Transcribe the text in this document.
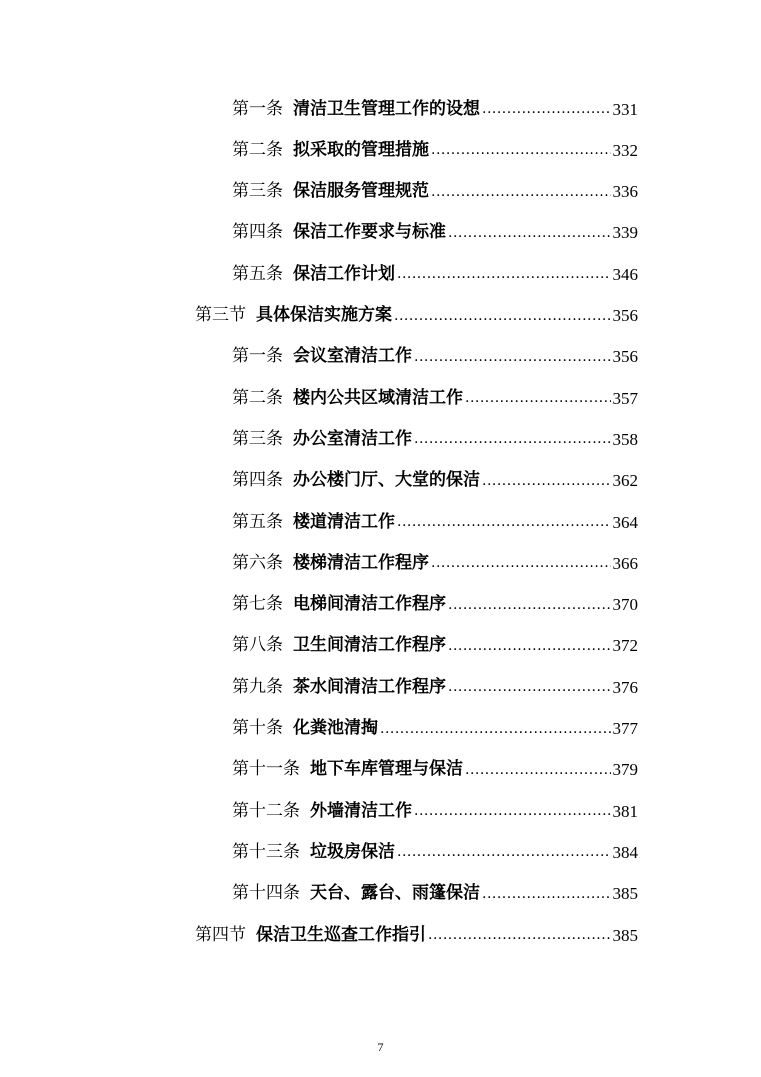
第一条 清洁卫生管理工作的设想 .....	331
第二条 拟采取的管理措施 .....	332
第三条 保洁服务管理规范 .....	336
第四条 保洁工作要求与标准 .....	339
第五条 保洁工作计划 .....	346
第三节 具体保洁实施方案 .....	356
第一条 会议室清洁工作 .....	356
第二条 楼内公共区域清洁工作 .....	357
第三条 办公室清洁工作 .....	358
第四条 办公楼门厅、大堂的保洁 .....	362
第五条 楼道清洁工作 .....	364
第六条 楼梯清洁工作程序 .....	366
第七条 电梯间清洁工作程序 .....	370
第八条 卫生间清洁工作程序 .....	372
第九条 茶水间清洁工作程序 .....	376
第十条 化粪池清掏 .....	377
第十一条 地下车库管理与保洁 .....	379
第十二条 外墙清洁工作 .....	381
第十三条 垃圾房保洁 .....	384
第十四条 天台、露台、雨篷保洁 .....	385
第四节 保洁卫生巡查工作指引 .....	385
7
